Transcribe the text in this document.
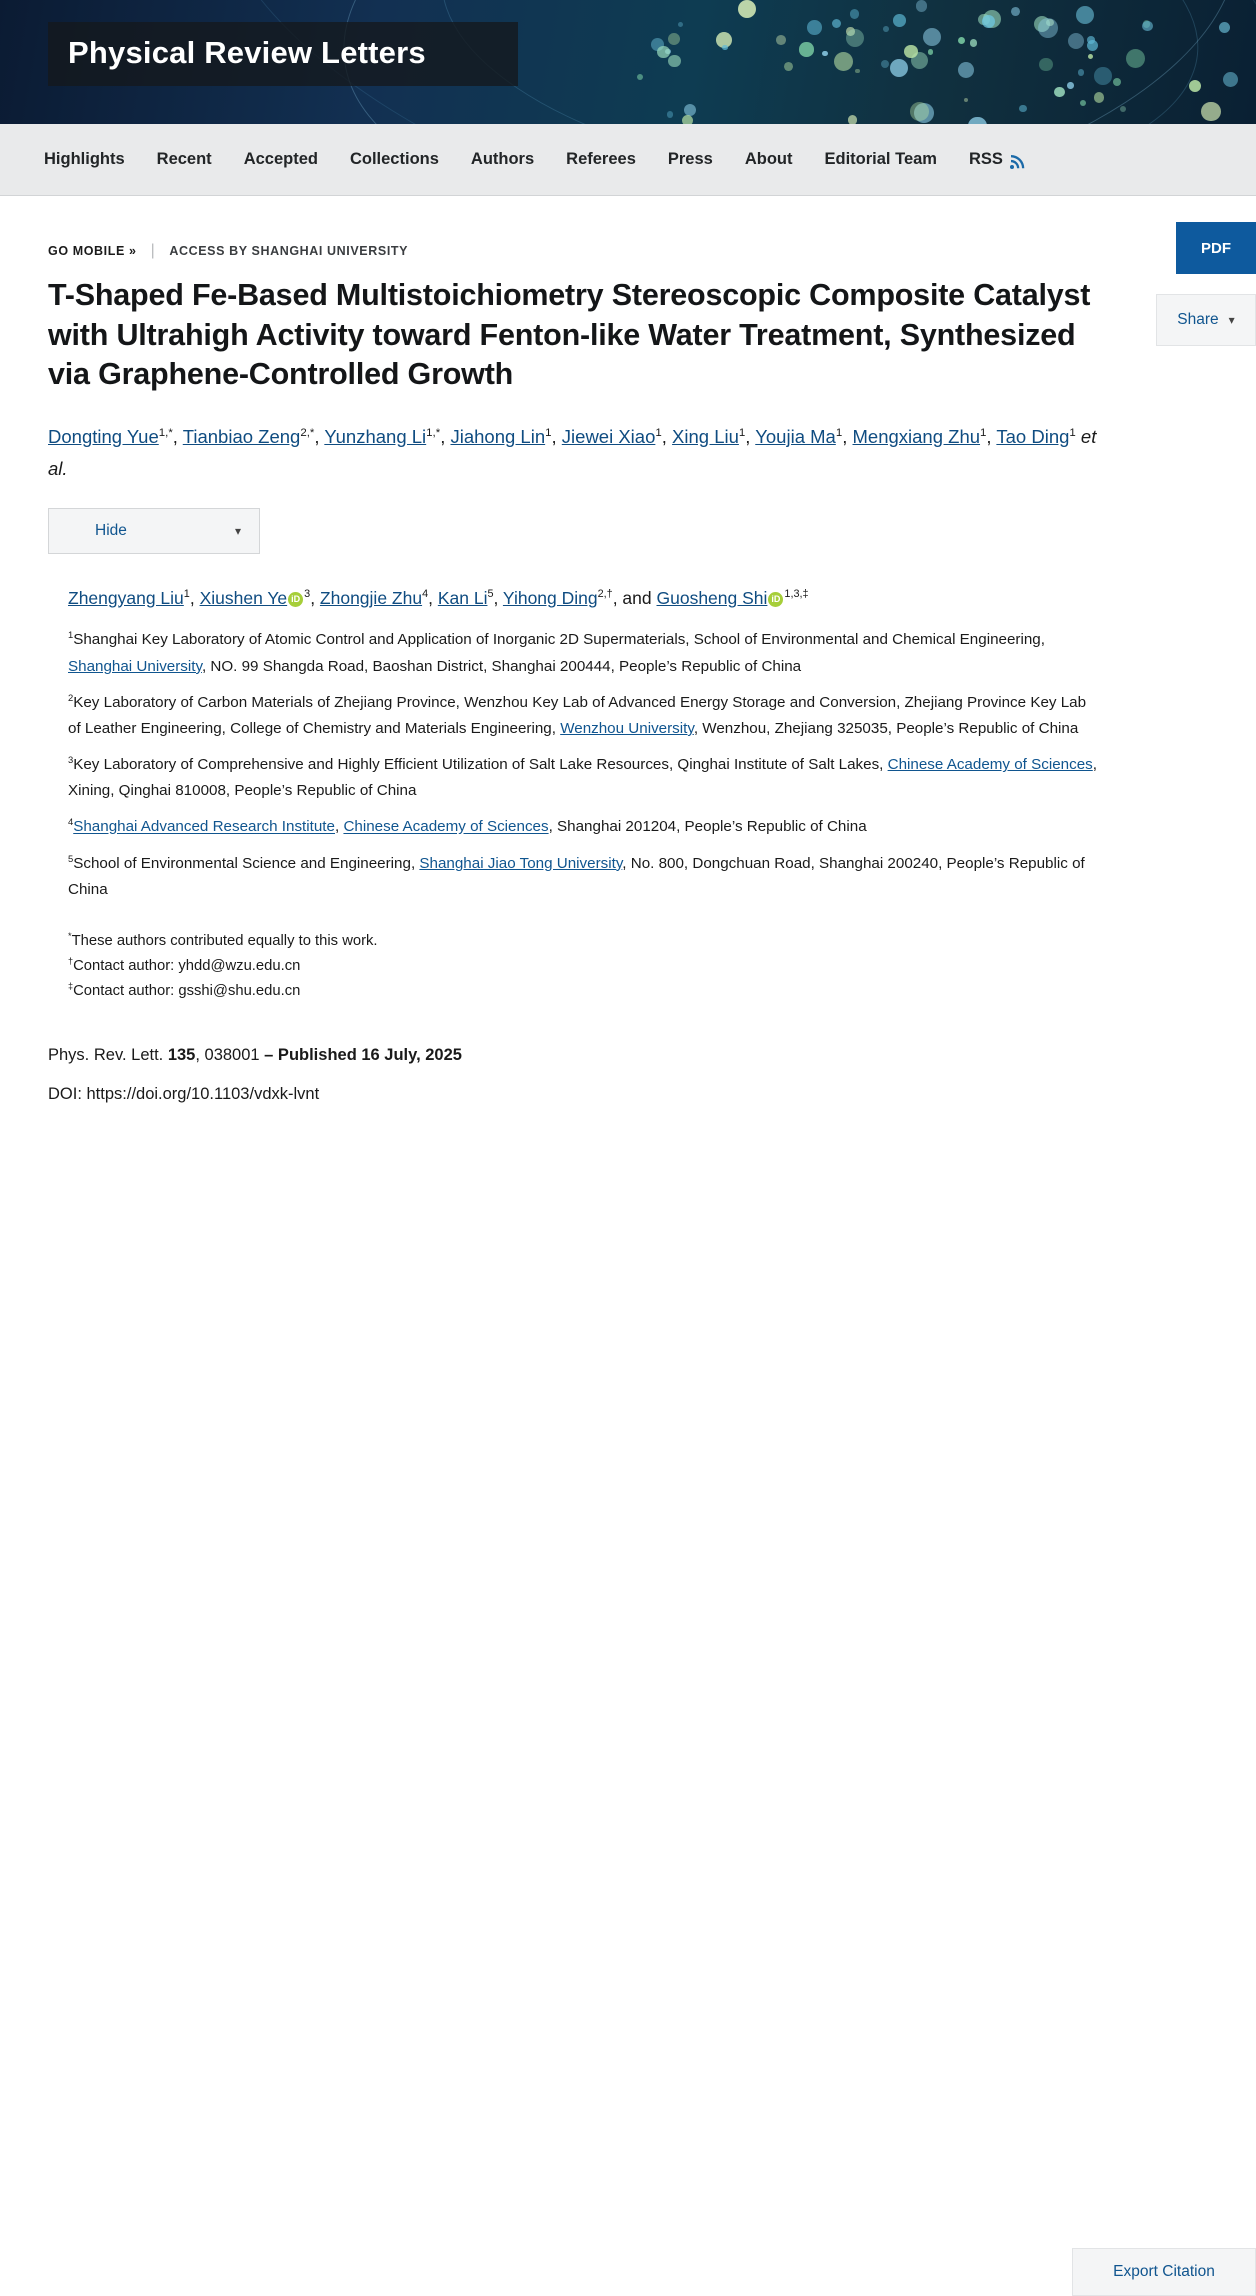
Physical Review Letters
Highlights Recent Accepted Collections Authors Referees Press About Editorial Team RSS
PDF
Share ▾
GO MOBILE » | ACCESS BY SHANGHAI UNIVERSITY
T-Shaped Fe-Based Multistoichiometry Stereoscopic Composite Catalyst with Ultrahigh Activity toward Fenton-like Water Treatment, Synthesized via Graphene-Controlled Growth
Dongting Yue$^{1,*}$, Tianbiao Zeng$^{2,*}$, Yunzhang $Li^{1,*}$, Jiahong Lin$^1$, Jiewei Xiao$^1$, Xing Liu$^1$, Youjia Ma$^1$, Mengxiang Zhu$^1$, Tao Ding$^1$ et al.
Hide	▾
Zhengyang Liu$^1$, Xiushen Ye iD $^3$, Zhongjie Zhu$^4$, Kan Li$^5$, Yihong Ding$^{2,\dagger}$, and Guosheng Shi iD $^{1,3,\ddagger}$

$^1$Shanghai Key Laboratory of Atomic Control and Application of Inorganic 2D Supermaterials, School of Environmental and Chemical Engineering, Shanghai University, NO. 99 Shangda Road, Baoshan District, Shanghai 200444, People’s Republic of China

$^2$Key Laboratory of Carbon Materials of Zhejiang Province, Wenzhou Key Lab of Advanced Energy Storage and Conversion, Zhejiang Province Key Lab of Leather Engineering, College of Chemistry and Materials Engineering, Wenzhou University, Wenzhou, Zhejiang 325035, People’s Republic of China

$^3$Key Laboratory of Comprehensive and Highly Efficient Utilization of Salt Lake Resources, Qinghai Institute of Salt Lakes, Chinese Academy of Sciences, Xining, Qinghai 810008, People’s Republic of China

$^4$Shanghai Advanced Research Institute, Chinese Academy of Sciences, Shanghai 201204, People’s Republic of China

$^5$School of Environmental Science and Engineering, Shanghai Jiao Tong University, No. 800, Dongchuan Road, Shanghai 200240, People’s Republic of China

*These authors contributed equally to this work.
†Contact author: yhdd@wzu.edu.cn
‡Contact author: gsshi@shu.edu.cn
Phys. Rev. Lett. 135, 038001 – Published 16 July, 2025
DOI: https://doi.org/10.1103/vdxk-lvnt
Export Citation
